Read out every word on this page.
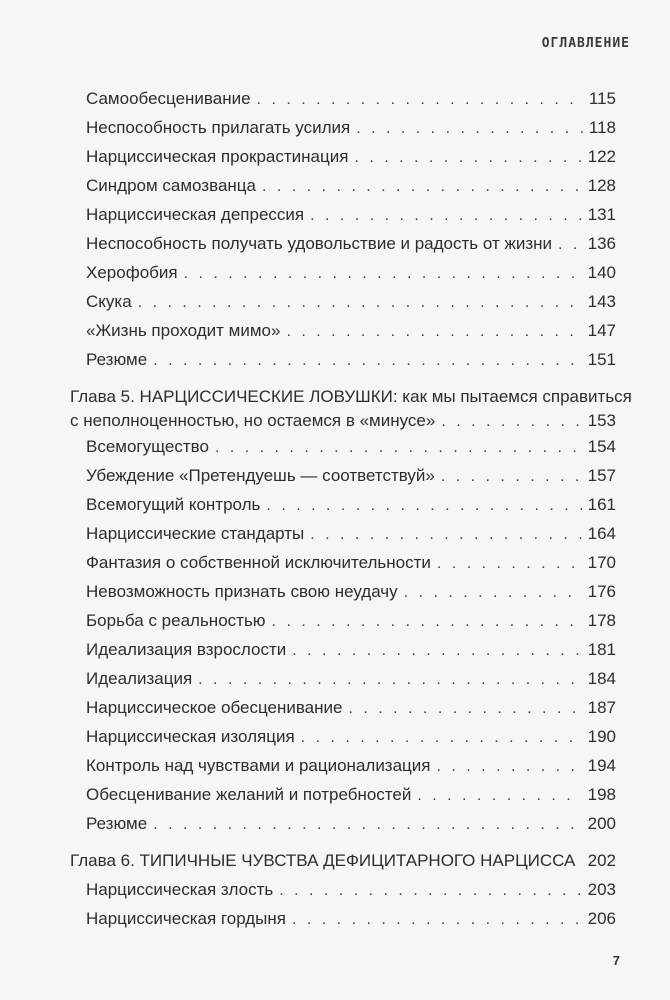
ОГЛАВЛЕНИЕ
Самообесценивание . . .	115
Неспособность прилагать усилия . . .	118
Нарциссическая прокрастинация . . .	122
Синдром самозванца . . .	128
Нарциссическая депрессия . . .	131
Неспособность получать удовольствие и радость от жизни . . . 136
Херофобия . . .	140
Скука . . .	143
«Жизнь проходит мимо» . . .	147
Резюме . . .	151
Глава 5. НАРЦИССИЧЕСКИЕ ЛОВУШКИ: как мы пытаемся справиться
с неполноценностью, но остаемся в «минусе» . . .	153
Всемогущество . . .	154
Убеждение «Претендуешь — соответствуй» . . .	157
Всемогущий контроль . . .	161
Нарциссические стандарты . . .	164
Фантазия о собственной исключительности . . .	170
Невозможность признать свою неудачу . . .	176
Борьба с реальностью . . .	178
Идеализация взрослости . . .	181
Идеализация . . .	184
Нарциссическое обесценивание . . .	187
Нарциссическая изоляция . . .	190
Контроль над чувствами и рационализация . . .	194
Обесценивание желаний и потребностей . . .	198
Резюме . . .	200
Глава 6. ТИПИЧНЫЕ ЧУВСТВА ДЕФИЦИТАРНОГО НАРЦИССА . . . 202
Нарциссическая злость . . .	203
Нарциссическая гордыня . . .	206
7
